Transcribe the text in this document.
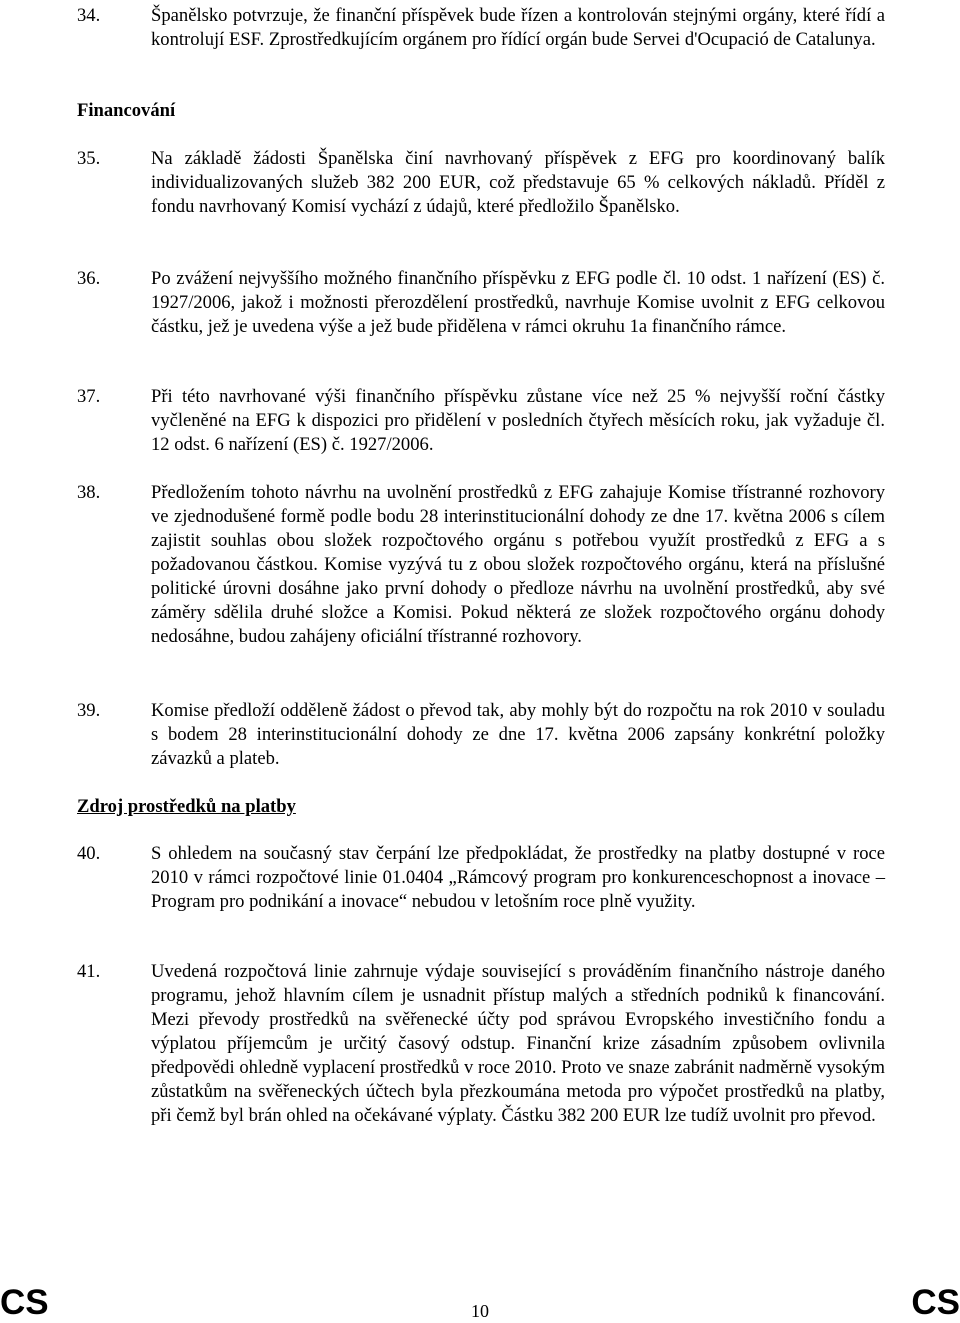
34.	Španělsko potvrzuje, že finanční příspěvek bude řízen a kontrolován stejnými orgány, které řídí a kontrolují ESF. Zprostředkujícím orgánem pro řídící orgán bude Servei d'Ocupació de Catalunya.
Financování
35.	Na základě žádosti Španělska činí navrhovaný příspěvek z EFG pro koordinovaný balík individualizovaných služeb 382 200 EUR, což představuje 65 % celkových nákladů. Příděl z fondu navrhovaný Komisí vychází z údajů, které předložilo Španělsko.
36.	Po zvážení nejvyššího možného finančního příspěvku z EFG podle čl. 10 odst. 1 nařízení (ES) č. 1927/2006, jakož i možnosti přerozdělení prostředků, navrhuje Komise uvolnit z EFG celkovou částku, jež je uvedena výše a jež bude přidělena v rámci okruhu 1a finančního rámce.
37.	Při této navrhované výši finančního příspěvku zůstane více než 25 % nejvyšší roční částky vyčleněné na EFG k dispozici pro přidělení v posledních čtyřech měsících roku, jak vyžaduje čl. 12 odst. 6 nařízení (ES) č. 1927/2006.
38.	Předložením tohoto návrhu na uvolnění prostředků z EFG zahajuje Komise třístranné rozhovory ve zjednodušené formě podle bodu 28 interinstitucionální dohody ze dne 17. května 2006 s cílem zajistit souhlas obou složek rozpočtového orgánu s potřebou využít prostředků z EFG a s požadovanou částkou. Komise vyzývá tu z obou složek rozpočtového orgánu, která na příslušné politické úrovni dosáhne jako první dohody o předloze návrhu na uvolnění prostředků, aby své záměry sdělila druhé složce a Komisi. Pokud některá ze složek rozpočtového orgánu dohody nedosáhne, budou zahájeny oficiální třístranné rozhovory.
39.	Komise předloží odděleně žádost o převod tak, aby mohly být do rozpočtu na rok 2010 v souladu s bodem 28 interinstitucionální dohody ze dne 17. května 2006 zapsány konkrétní položky závazků a plateb.
Zdroj prostředků na platby
40.	S ohledem na současný stav čerpání lze předpokládat, že prostředky na platby dostupné v roce 2010 v rámci rozpočtové linie 01.0404 „Rámcový program pro konkurenceschopnost a inovace – Program pro podnikání a inovace“ nebudou v letošním roce plně využity.
41.	Uvedená rozpočtová linie zahrnuje výdaje související s prováděním finančního nástroje daného programu, jehož hlavním cílem je usnadnit přístup malých a středních podniků k financování. Mezi převody prostředků na svěřenecké účty pod správou Evropského investičního fondu a výplatou příjemcům je určitý časový odstup. Finanční krize zásadním způsobem ovlivnila předpovědi ohledně vyplacení prostředků v roce 2010. Proto ve snaze zabránit nadměrně vysokým zůstatkům na svěřeneckých účtech byla přezkoumána metoda pro výpočet prostředků na platby, při čemž byl brán ohled na očekávané výplaty. Částku 382 200 EUR lze tudíž uvolnit pro převod.
CS	10	CS
